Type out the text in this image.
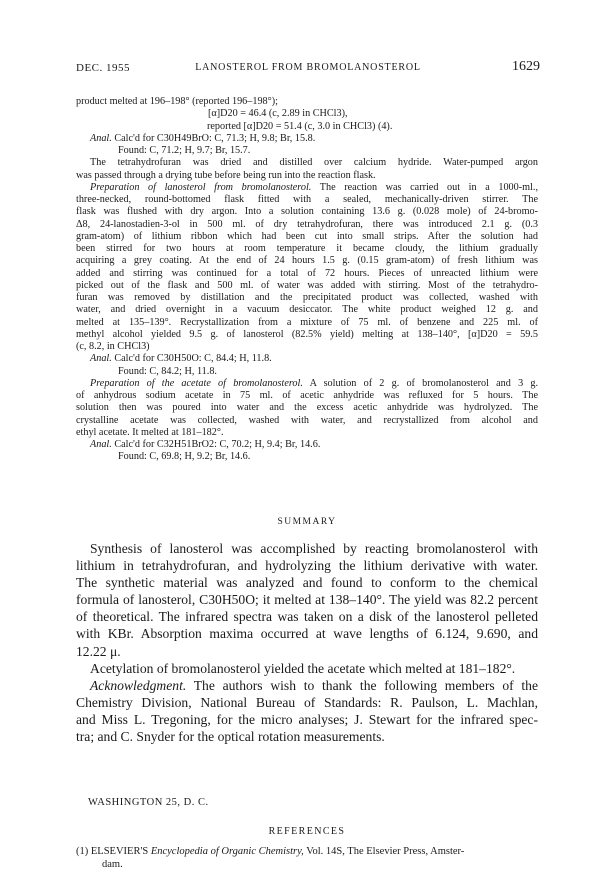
DEC. 1955	LANOSTEROL FROM BROMOLANOSTEROL	1629
product melted at 196–198° (reported 196–198°);
[α]D20 = 46.4 (c, 2.89 in CHCl3),
reported [α]D20 = 51.4 (c, 3.0 in CHCl3) (4).
Anal. Calc'd for C30H49BrO: C, 71.3; H, 9.8; Br, 15.8.
Found: C, 71.2; H, 9.7; Br, 15.7.
The tetrahydrofuran was dried and distilled over calcium hydride. Water-pumped argon
was passed through a drying tube before being run into the reaction flask.
Preparation of lanosterol from bromolanosterol. The reaction was carried out in a 1000-ml.,
three-necked, round-bottomed flask fitted with a sealed, mechanically-driven stirrer. The
flask was flushed with dry argon. Into a solution containing 13.6 g. (0.028 mole) of 24-bromo-
Δ8, 24-lanostadien-3-ol in 500 ml. of dry tetrahydrofuran, there was introduced 2.1 g. (0.3
gram-atom) of lithium ribbon which had been cut into small strips. After the solution had
been stirred for two hours at room temperature it became cloudy, the lithium gradually
acquiring a grey coating. At the end of 24 hours 1.5 g. (0.15 gram-atom) of fresh lithium was
added and stirring was continued for a total of 72 hours. Pieces of unreacted lithium were
picked out of the flask and 500 ml. of water was added with stirring. Most of the tetrahydro-
furan was removed by distillation and the precipitated product was collected, washed with
water, and dried overnight in a vacuum desiccator. The white product weighed 12 g. and
melted at 135–139°. Recrystallization from a mixture of 75 ml. of benzene and 225 ml. of
methyl alcohol yielded 9.5 g. of lanosterol (82.5% yield) melting at 138–140°, [α]D20 = 59.5
(c, 8.2, in CHCl3)
Anal. Calc'd for C30H50O: C, 84.4; H, 11.8.
Found: C, 84.2; H, 11.8.
Preparation of the acetate of bromolanosterol. A solution of 2 g. of bromolanosterol and 3 g.
of anhydrous sodium acetate in 75 ml. of acetic anhydride was refluxed for 5 hours. The
solution then was poured into water and the excess acetic anhydride was hydrolyzed. The
crystalline acetate was collected, washed with water, and recrystallized from alcohol and
ethyl acetate. It melted at 181–182°.
Anal. Calc'd for C32H51BrO2: C, 70.2; H, 9.4; Br, 14.6.
Found: C, 69.8; H, 9.2; Br, 14.6.
SUMMARY
Synthesis of lanosterol was accomplished by reacting bromolanosterol with
lithium in tetrahydrofuran, and hydrolyzing the lithium derivative with water.
The synthetic material was analyzed and found to conform to the chemical
formula of lanosterol, C30H50O; it melted at 138–140°. The yield was 82.2 percent
of theoretical. The infrared spectra was taken on a disk of the lanosterol pelleted
with KBr. Absorption maxima occurred at wave lengths of 6.124, 9.690, and
12.22 μ.
Acetylation of bromolanosterol yielded the acetate which melted at 181–182°.
Acknowledgment. The authors wish to thank the following members of the
Chemistry Division, National Bureau of Standards: R. Paulson, L. Machlan,
and Miss L. Tregoning, for the micro analyses; J. Stewart for the infrared spec-
tra; and C. Snyder for the optical rotation measurements.
WASHINGTON 25, D. C.
REFERENCES
(1) ELSEVIER'S Encyclopedia of Organic Chemistry, Vol. 14S, The Elsevier Press, Amster-
dam.
